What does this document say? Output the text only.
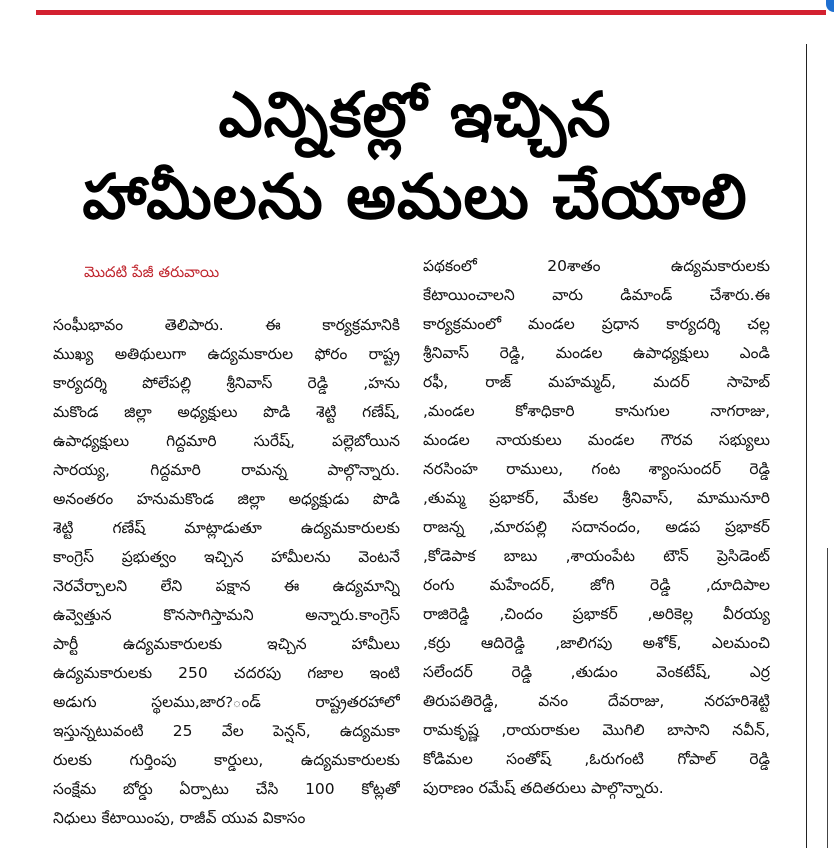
ఎన్నికల్లో ఇచ్చిన
హామీలను అమలు చేయాలి
మొదటి పేజీ తరువాయి
సంఘీభావం తెలిపారు. ఈ కార్యక్రమానికి
ముఖ్య అతిథులుగా ఉద్యమకారుల ఫోరం రాష్ట్ర
కార్యదర్శి పోలేపల్లి శ్రీనివాస్ రెడ్డి ,హను
మకొండ జిల్లా అధ్యక్షులు పొడి శెట్టి గణేష్,
ఉపాధ్యక్షులు గిద్దమారి సురేష్, పల్లెబోయిన
సారయ్య, గిద్దమారి రామన్న పాల్గొన్నారు.
అనంతరం హనుమకొండ జిల్లా అధ్యక్షుడు పొడి
శెట్టి గణేష్ మాట్లాడుతూ ఉద్యమకారులకు
కాంగ్రెస్ ప్రభుత్వం ఇచ్చిన హామీలను వెంటనే
నెరవేర్చాలని లేని పక్షాన ఈ ఉద్యమాన్ని
ఉవ్వెత్తున కొనసాగిస్తామని అన్నారు.కాంగ్రెస్
పార్టీ ఉద్యమకారులకు ఇచ్చిన హామీలు
ఉద్యమకారులకు 250 చదరపు గజాల ఇంటి
అడుగు స్థలము,జార?ండ్ రాష్ట్రతరహాలో
ఇస్తున్నటువంటి 25 వేల పెన్షన్, ఉద్యమకా
రులకు గుర్తింపు కార్డులు, ఉద్యమకారులకు
సంక్షేమ బోర్డు ఏర్పాటు చేసి 100 కోట్లతో
నిధులు కేటాయింపు, రాజీవ్ యువ వికాసం
పథకంలో 20శాతం ఉద్యమకారులకు
కేటాయించాలని వారు డిమాండ్ చేశారు.ఈ
కార్యక్రమంలో మండల ప్రధాన కార్యదర్శి చల్ల
శ్రీనివాస్ రెడ్డి, మండల ఉపాధ్యక్షులు ఎండి
రఫీ, రాజ్ మహమ్మద్, మదర్ సాహెబ్
,మండల కోశాధికారి కానుగుల నాగరాజు,
మండల నాయకులు మండల గౌరవ సభ్యులు
నరసింహ రాములు, గంట శ్యాంసుందర్ రెడ్డి
,తుమ్మ ప్రభాకర్, మేకల శ్రీనివాస్, మామునూరి
రాజన్న ,మారపల్లి సదానందం, అడప ప్రభాకర్
,కోడెపాక బాబు ,శాయంపేట టౌన్ ప్రెసిడెంట్
రంగు మహేందర్, జోగి రెడ్డి ,దూదిపాల
రాజిరెడ్డి ,చిందం ప్రభాకర్ ,అరికెల్ల వీరయ్య
,కర్రు ఆదిరెడ్డి ,జాలిగపు అశోక్, ఎలమంచి
సలేందర్ రెడ్డి ,తుడుం వెంకటేష్, ఎర్ర
తిరుపతిరెడ్డి, వనం దేవరాజు, నరహరిశెట్టి
రామకృష్ణ ,రాయరాకుల మొగిలి బాసాని నవీన్,
కోడిమల సంతోష్ ,ఓరుగంటి గోపాల్ రెడ్డి
పురాణం రమేష్ తదితరులు పాల్గొన్నారు.
